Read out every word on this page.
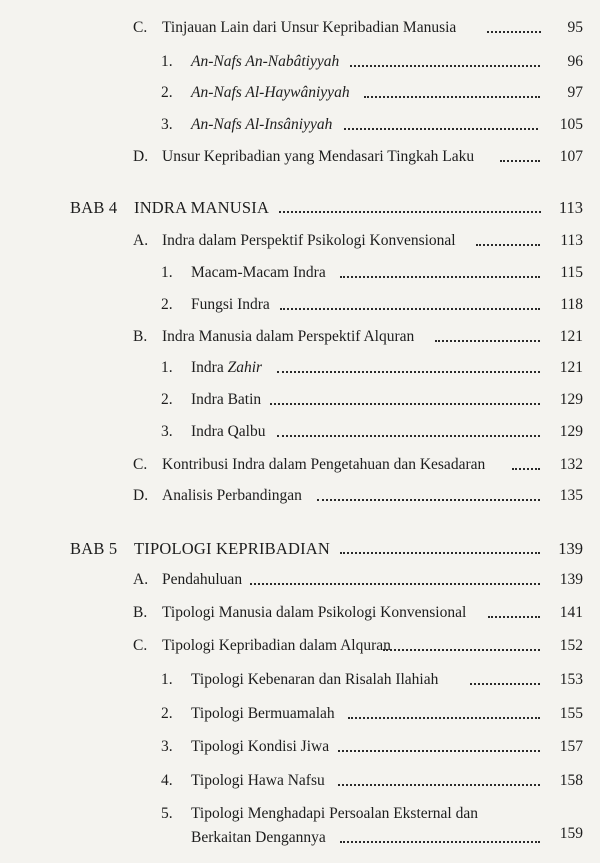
C. Tinjauan Lain dari Unsur Kepribadian Manusia	95
1. An-Nafs An-Nabâtiyyah	96
2. An-Nafs Al-Haywâniyyah	97
3. An-Nafs Al-Insâniyyah	105
D. Unsur Kepribadian yang Mendasari Tingkah Laku	107
BAB 4 INDRA MANUSIA	113
A. Indra dalam Perspektif Psikologi Konvensional	113
1. Macam-Macam Indra	115
2. Fungsi Indra	118
B. Indra Manusia dalam Perspektif Alquran	121
1. Indra Zahir	121
2. Indra Batin	129
3. Indra Qalbu	129
C. Kontribusi Indra dalam Pengetahuan dan Kesadaran	132
D. Analisis Perbandingan	135
BAB 5 TIPOLOGI KEPRIBADIAN	139
A. Pendahuluan	139
B. Tipologi Manusia dalam Psikologi Konvensional	141
C. Tipologi Kepribadian dalam Alquran	152
1. Tipologi Kebenaran dan Risalah Ilahiah	153
2. Tipologi Bermuamalah	155
3. Tipologi Kondisi Jiwa	157
4. Tipologi Hawa Nafsu	158
5. Tipologi Menghadapi Persoalan Eksternal dan
Berkaitan Dengannya	159
